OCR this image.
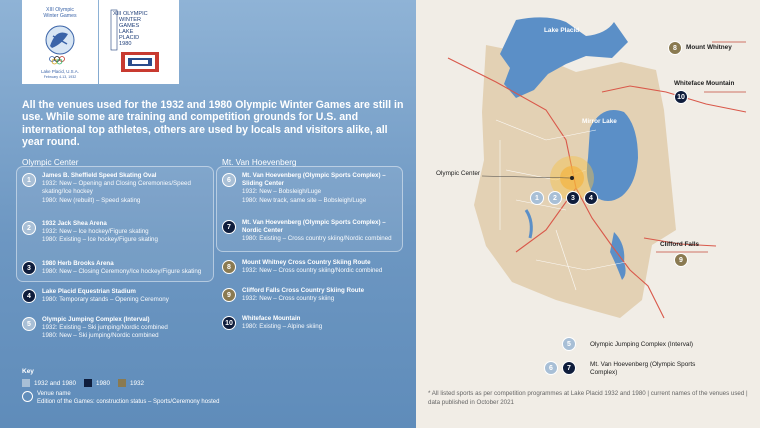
XIII Olympic
Winter Games
Lake Placid, U.S.A.
February 4-13, 1932
XIII OLYMPIC
WINTER
GAMES
LAKE
PLACID
1980

All the venues used for the 1932 and 1980 Olympic Winter Games are still in use. While some are training and competition grounds for U.S. and international top athletes, others are used by locals and visitors alike, all year round.

Olympic Center	Mt. Van Hoevenberg
1
James B. Sheffield Speed Skating Oval
1932: New – Opening and Closing Ceremonies/Speed skating/Ice hockey
1980: New (rebuilt) – Speed skating
2
1932 Jack Shea Arena
1932: New – Ice hockey/Figure skating
1980: Existing – Ice hockey/Figure skating
3
1980 Herb Brooks Arena
1980: New – Closing Ceremony/Ice hockey/Figure skating
4
Lake Placid Equestrian Stadium
1980: Temporary stands – Opening Ceremony
5
Olympic Jumping Complex (Interval)
1932: Existing – Ski jumping/Nordic combined
1980: New – Ski jumping/Nordic combined
6
Mt. Van Hoevenberg (Olympic Sports Complex) – Sliding Center
1932: New – Bobsleigh/Luge
1980: New track, same site – Bobsleigh/Luge
7
Mt. Van Hoevenberg (Olympic Sports Complex) – Nordic Center
1980: Existing – Cross country skiing/Nordic combined
8
Mount Whitney Cross Country Skiing Route
1932: New – Cross country skiing/Nordic combined
9
Clifford Falls Cross Country Skiing Route
1932: New – Cross country skiing
10
Whiteface Mountain
1980: Existing – Alpine skiing
Key
1932 and 1980	1980	1932
Venue name
Edition of the Games: construction status – Sports/Ceremony hosted
Lake Placid
Mirror Lake
Olympic Center
8	Mount Whitney
Whiteface Mountain
10
1	2	3	4
Clifford Falls
9
5	Olympic Jumping Complex (Interval)
6	7	Mt. Van Hoevenberg (Olympic Sports Complex)
* All listed sports as per competition programmes at Lake Placid 1932 and 1980 | current names of the venues used | data published in October 2021
